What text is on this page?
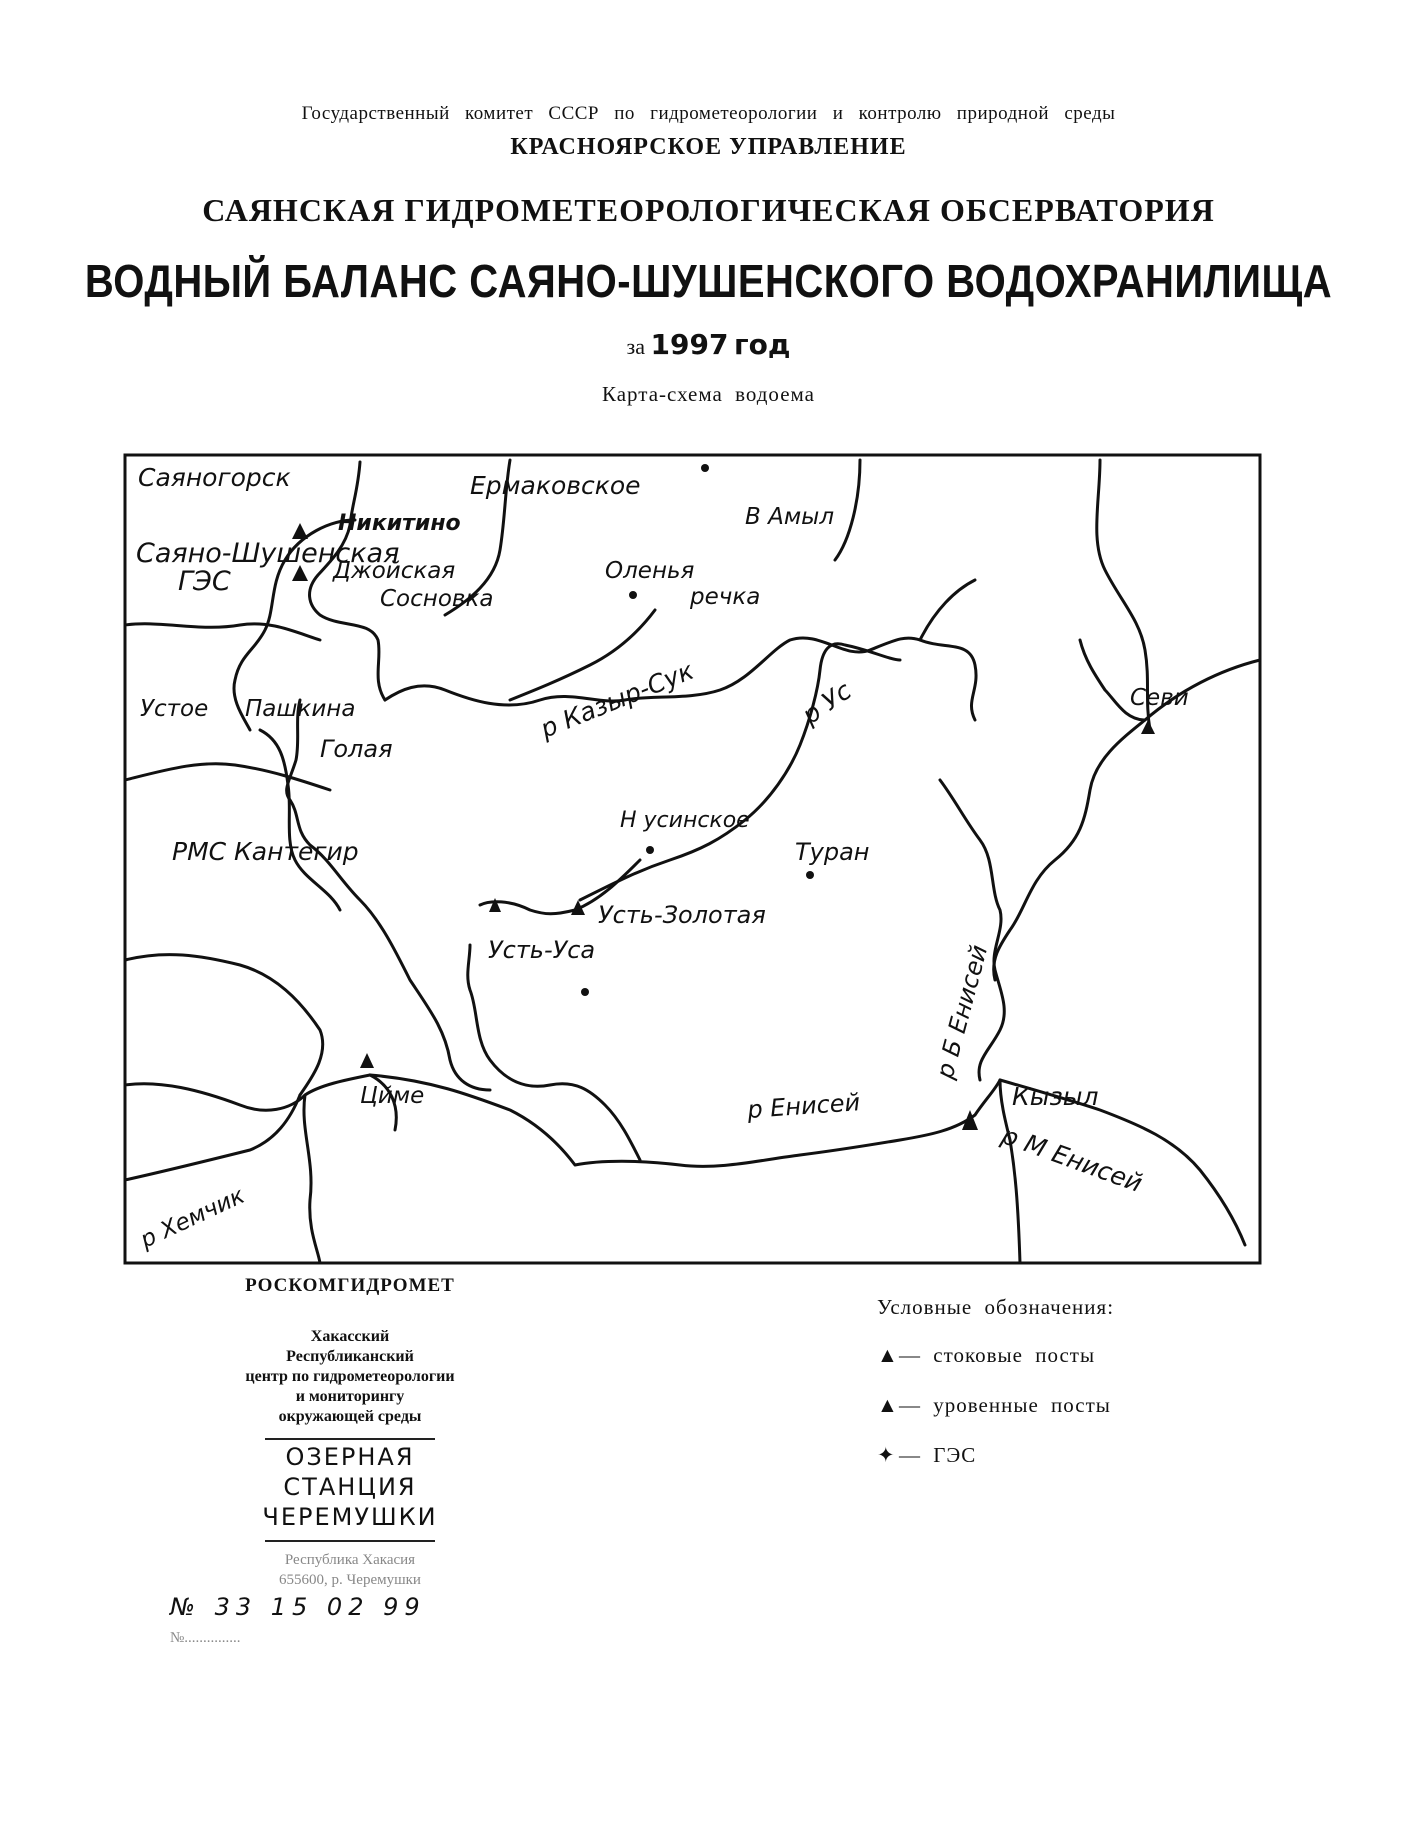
Государственный комитет СССР по гидрометеорологии и контролю природной среды
КРАСНОЯРСКОЕ УПРАВЛЕНИЕ
САЯНСКАЯ ГИДРОМЕТЕОРОЛОГИЧЕСКАЯ ОБСЕРВАТОРИЯ
ВОДНЫЙ БАЛАНС САЯНО-ШУШЕНСКОГО ВОДОХРАНИЛИЩА
за 1997 год
Карта-схема водоема
Саяногорск
Никитино
Саяно-Шушенская
ГЭС	Джойская
Сосновка
Ермаковское
В Амыл
Оленья
речка
р Казыр-Сук	р Ус	Севи
Устое Пашкина
Голая
РМС Кантегир
Н усинское
Туран
Усть-Золотая
Усть-Уса	р Б Енисей
Кызыл
р Енисей
р М Енисей
Цйме
р Хемчик
РОСКОМГИДРОМЕТ
Хакасский
Республиканский
центр по гидрометеорологии
и мониторингу
окружающей среды
ОЗЕРНАЯ
СТАНЦИЯ
ЧЕРЕМУШКИ
Республика Хакасия
655600, р. Черемушки
№ 33 15 02 99
№...............
Условные обозначения:
▲— стоковые посты
▲— уровенные посты
✦ — ГЭС
